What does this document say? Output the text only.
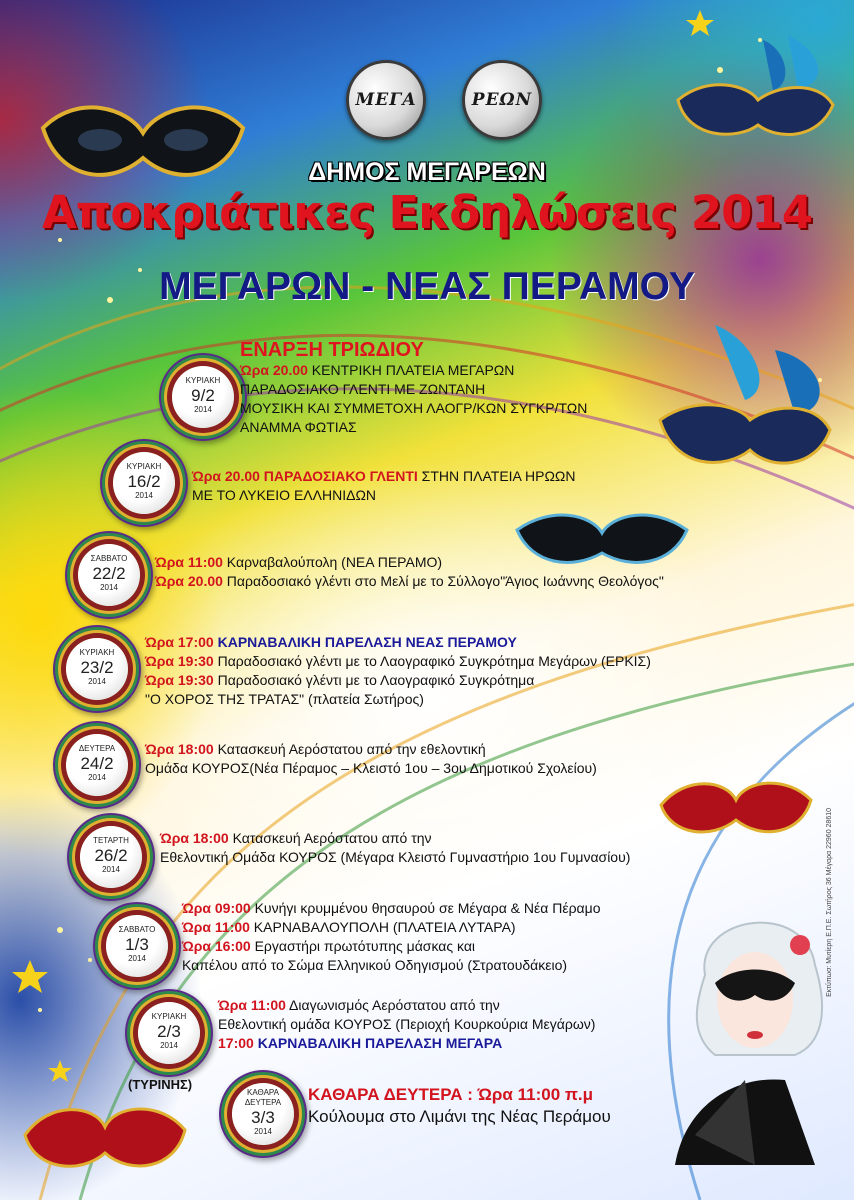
ΜΕΓΑ	ΡΕΩΝ
ΔΗΜΟΣ ΜΕΓΑΡΕΩΝ
Αποκριάτικες Εκδηλώσεις 2014
ΜΕΓΑΡΩΝ - ΝΕΑΣ ΠΕΡΑΜΟΥ
ΚΥΡΙΑΚΗ
9/2
2014
ΕΝΑΡΞΗ ΤΡΙΩΔΙΟΥ
Ώρα 20.00 ΚΕΝΤΡΙΚΗ ΠΛΑΤΕΙΑ ΜΕΓΑΡΩΝ
ΠΑΡΑΔΟΣΙΑΚΟ ΓΛΕΝΤΙ ΜΕ ΖΩΝΤΑΝΗ
ΜΟΥΣΙΚΗ ΚΑΙ ΣΥΜΜΕΤΟΧΗ ΛΑΟΓΡ/ΚΩΝ ΣΥΓΚΡ/ΤΩΝ
ΑΝΑΜΜΑ ΦΩΤΙΑΣ
ΚΥΡΙΑΚΗ
16/2
2014
Ώρα 20.00 ΠΑΡΑΔΟΣΙΑΚΟ ΓΛΕΝΤΙ ΣΤΗΝ ΠΛΑΤΕΙΑ ΗΡΩΩΝ
ΜΕ ΤΟ ΛΥΚΕΙΟ ΕΛΛΗΝΙΔΩΝ
ΣΑΒΒΑΤΟ
22/2
2014
Ώρα 11:00 Καρναβαλούπολη (ΝΕΑ ΠΕΡΑΜΟ)
Ώρα 20.00 Παραδοσιακό γλέντι στο Μελί με το Σύλλογο"Άγιος Ιωάννης Θεολόγος"
ΚΥΡΙΑΚΗ
23/2
2014
Ώρα 17:00 ΚΑΡΝΑΒΑΛΙΚΗ ΠΑΡΕΛΑΣΗ ΝΕΑΣ ΠΕΡΑΜΟΥ
Ώρα 19:30 Παραδοσιακό γλέντι με το Λαογραφικό Συγκρότημα Μεγάρων (ΕΡΚΙΣ)
Ώρα 19:30 Παραδοσιακό γλέντι με το Λαογραφικό Συγκρότημα
"Ο ΧΟΡΟΣ ΤΗΣ ΤΡΑΤΑΣ" (πλατεία Σωτήρος)
ΔΕΥΤΕΡΑ
24/2
2014
Ώρα 18:00 Κατασκευή Αερόστατου από την εθελοντική
Ομάδα ΚΟΥΡΟΣ(Νέα Πέραμος – Κλειστό 1ου – 3ου Δημοτικού Σχολείου)
ΤΕΤΑΡΤΗ
26/2
2014
Ώρα 18:00 Κατασκευή Αερόστατου από την
Εθελοντική Ομάδα ΚΟΥΡΟΣ (Μέγαρα Κλειστό Γυμναστήριο 1ου Γυμνασίου)
ΣΑΒΒΑΤΟ
1/3
2014
Ώρα 09:00 Κυνήγι κρυμμένου θησαυρού σε Μέγαρα & Νέα Πέραμο
Ώρα 11:00 ΚΑΡΝΑΒΑΛΟΥΠΟΛΗ (ΠΛΑΤΕΙΑ ΛΥΤΑΡΑ)
Ώρα 16:00 Εργαστήρι πρωτότυπης μάσκας και
Καπέλου από το Σώμα Ελληνικού Οδηγισμού (Στρατουδάκειο)
ΚΥΡΙΑΚΗ
2/3
2014
(ΤΥΡΙΝΗΣ)
Ώρα 11:00 Διαγωνισμός Αερόστατου από την
Εθελοντική ομάδα ΚΟΥΡΟΣ (Περιοχή Κουρκούρια Μεγάρων)
17:00 ΚΑΡΝΑΒΑΛΙΚΗ ΠΑΡΕΛΑΣΗ ΜΕΓΑΡΑ
ΚΑΘΑΡΑ
ΔΕΥΤΕΡΑ
3/3
2014
ΚΑΘΑΡΑ ΔΕΥΤΕΡΑ : Ώρα 11:00 π.μ
Κούλουμα στο Λιμάνι της Νέας Περάμου
Εκτύπωσ: Μυτίερη Ε.Π.Ε. Σωτήρος 36 Μέγαρα 22960 28610
